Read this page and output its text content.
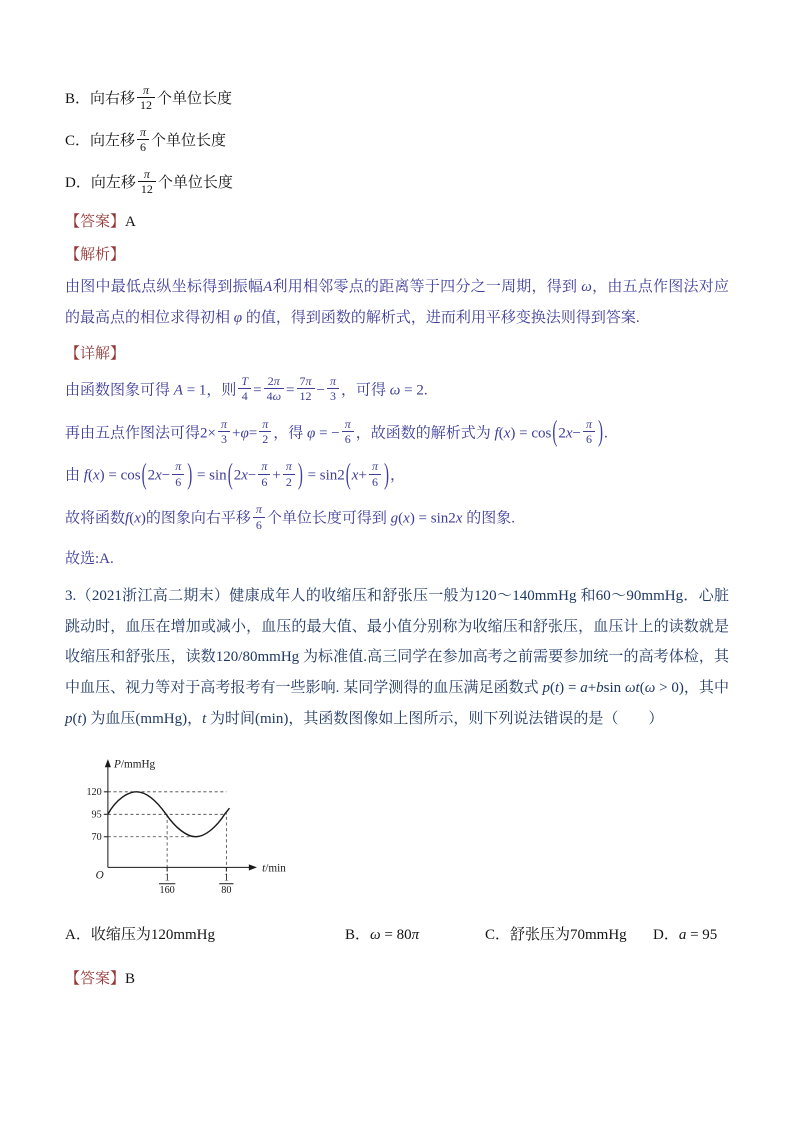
B．向右移 $\frac{\pi}{12}$ 个单位长度
C．向左移 $\frac{\pi}{6}$ 个单位长度
D．向左移 $\frac{\pi}{12}$ 个单位长度
【答案】A
【解析】
由图中最低点纵坐标得到振幅A利用相邻零点的距离等于四分之一周期，得到 ω，由五点作图法对应的最高点的相位求得初相 φ 的值，得到函数的解析式，进而利用平移变换法则得到答案.
【详解】
由函数图象可得 A = 1，则 $\frac{T}{4} = \frac{2\pi}{4\omega} = \frac{7\pi}{12} - \frac{\pi}{3}$ ，可得 ω = 2.
再由五点作图法可得$2\times \frac{\pi}{3} +\varphi= \frac{\pi}{2}$ ，得 φ = − $\frac{\pi}{6}$ ，故函数的解析式为 $f(x) = \cos(2x- \frac{\pi}{6}$ ).
由 $f(x) = \cos(2x- \frac{\pi}{6}$ ) = $\sin(2x- \frac{\pi}{6} + \frac{\pi}{2}$ ) = $\sin 2(x+ \frac{\pi}{6}$ )，
故将函数f(x)的图象向右平移 $\frac{\pi}{6}$ 个单位长度可得到 g(x) = sin2x 的图象.
故选:A.
3.（2021浙江高二期末）健康成年人的收缩压和舒张压一般为120～140mmHg 和60～90mmHg．心脏跳动时，血压在增加或减小，血压的最大值、最小值分别称为收缩压和舒张压，血压计上的读数就是收缩压和舒张压，读数120/80mmHg 为标准值.高三同学在参加高考之前需要参加统一的高考体检，其中血压、视力等对于高考报考有一些影响. 某同学测得的血压满足函数式 p(t) = a+bsin ωt(ω > 0)，其中 p(t) 为血压(mmHg)，t 为时间(min)，其函数图像如上图所示，则下列说法错误的是（　　）
P/mmHg
t/min
120
95
70
O	1
160
1
80
A．收缩压为120mmHg	B．ω = 80π	C．舒张压为70mmHg D．a = 95
【答案】B
